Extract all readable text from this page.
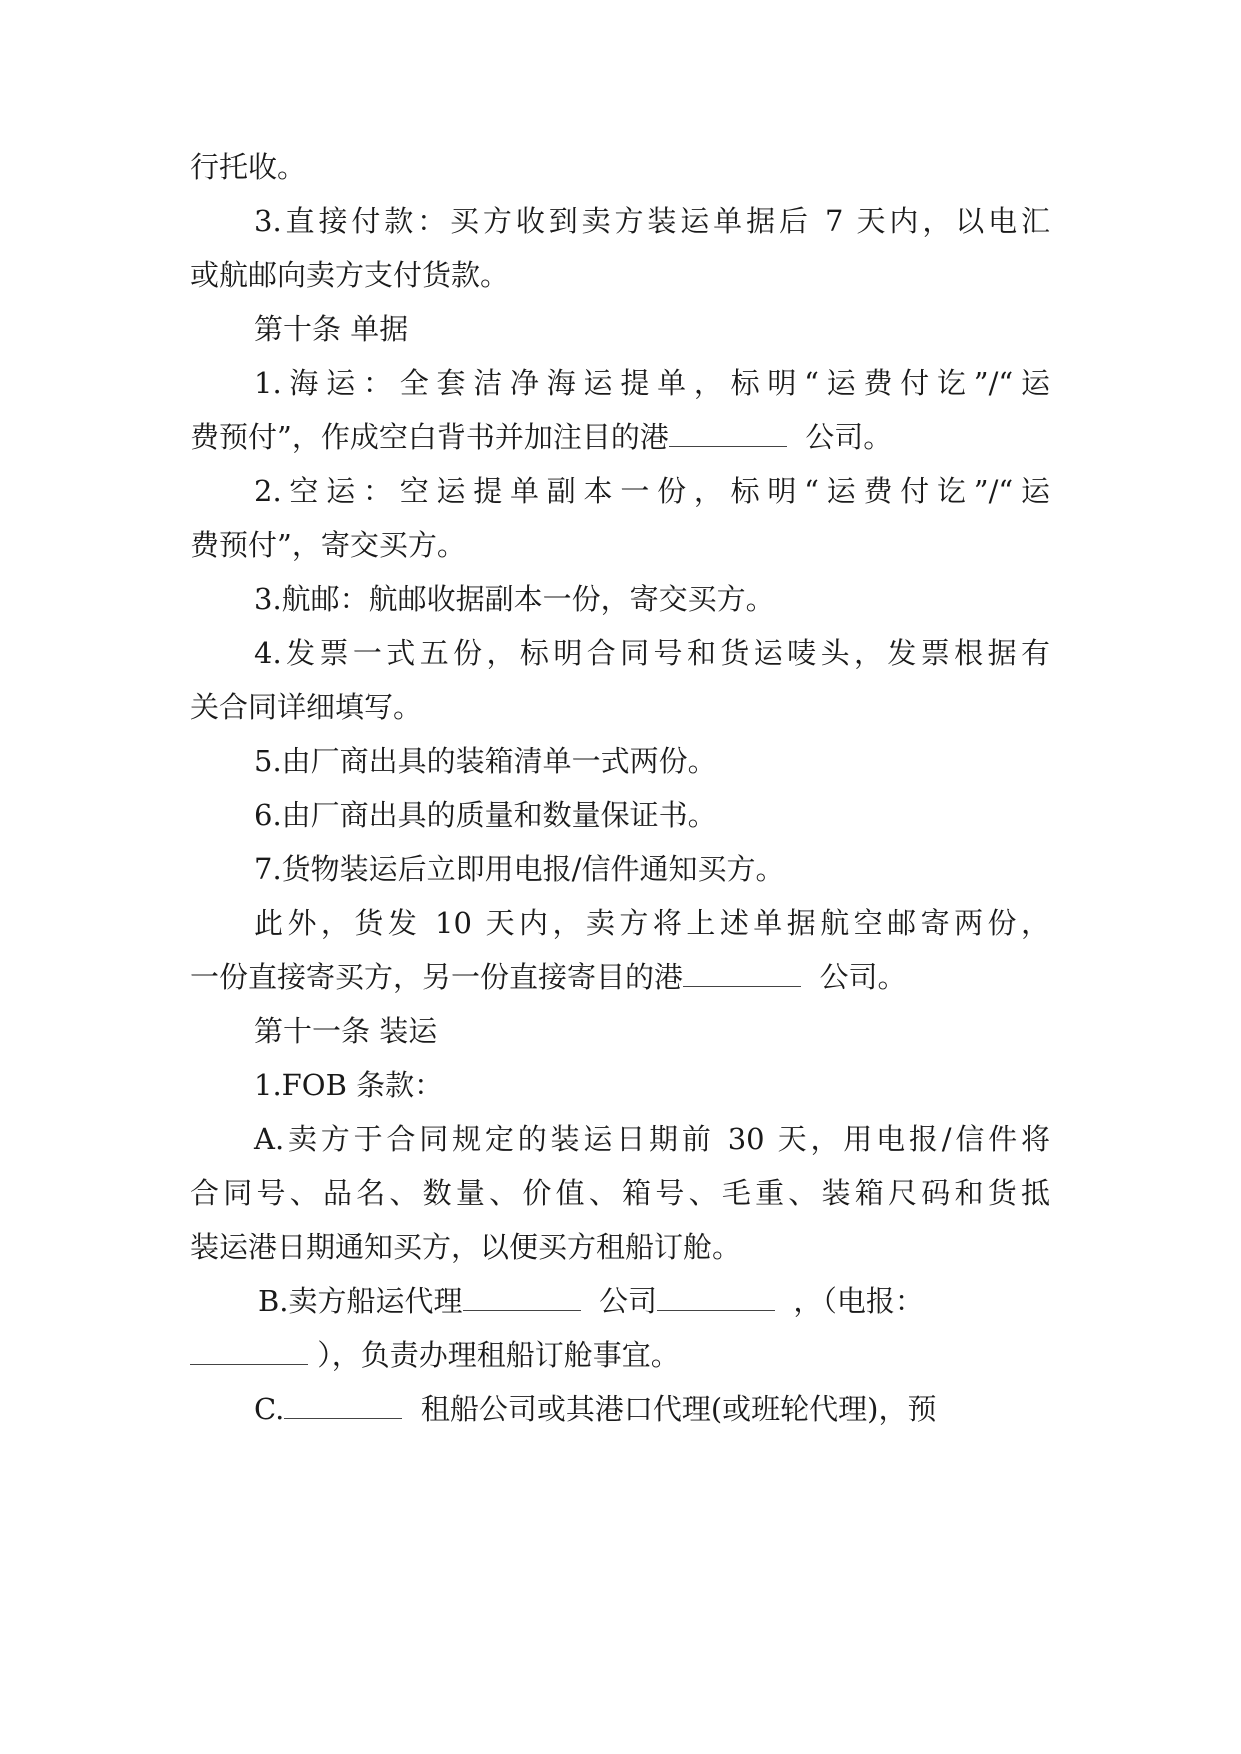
行托收。
3.直接付款：买方收到卖方装运单据后 7 天内，以电汇
或航邮向卖方支付货款。
第十条 单据
1.海运：全套洁净海运提单，标明“运费付讫”/“运
费预付”，作成空白背书并加注目的港	公司。
2.空运：空运提单副本一份，标明“运费付讫”/“运
费预付”，寄交买方。
3.航邮：航邮收据副本一份，寄交买方。
4.发票一式五份，标明合同号和货运唛头，发票根据有
关合同详细填写。
5.由厂商出具的装箱清单一式两份。
6.由厂商出具的质量和数量保证书。
7.货物装运后立即用电报/信件通知买方。
此外，货发 10 天内，卖方将上述单据航空邮寄两份，
一份直接寄买方，另一份直接寄目的港	公司。
第十一条 装运
1.FOB 条款：
A.卖方于合同规定的装运日期前 30 天，用电报/信件将
合同号、品名、数量、价值、箱号、毛重、装箱尺码和货抵
装运港日期通知买方，以便买方租船订舱。
B.卖方船运代理	公司	，（电报：
），负责办理租船订舱事宜。
C.	租船公司或其港口代理(或班轮代理)，预
